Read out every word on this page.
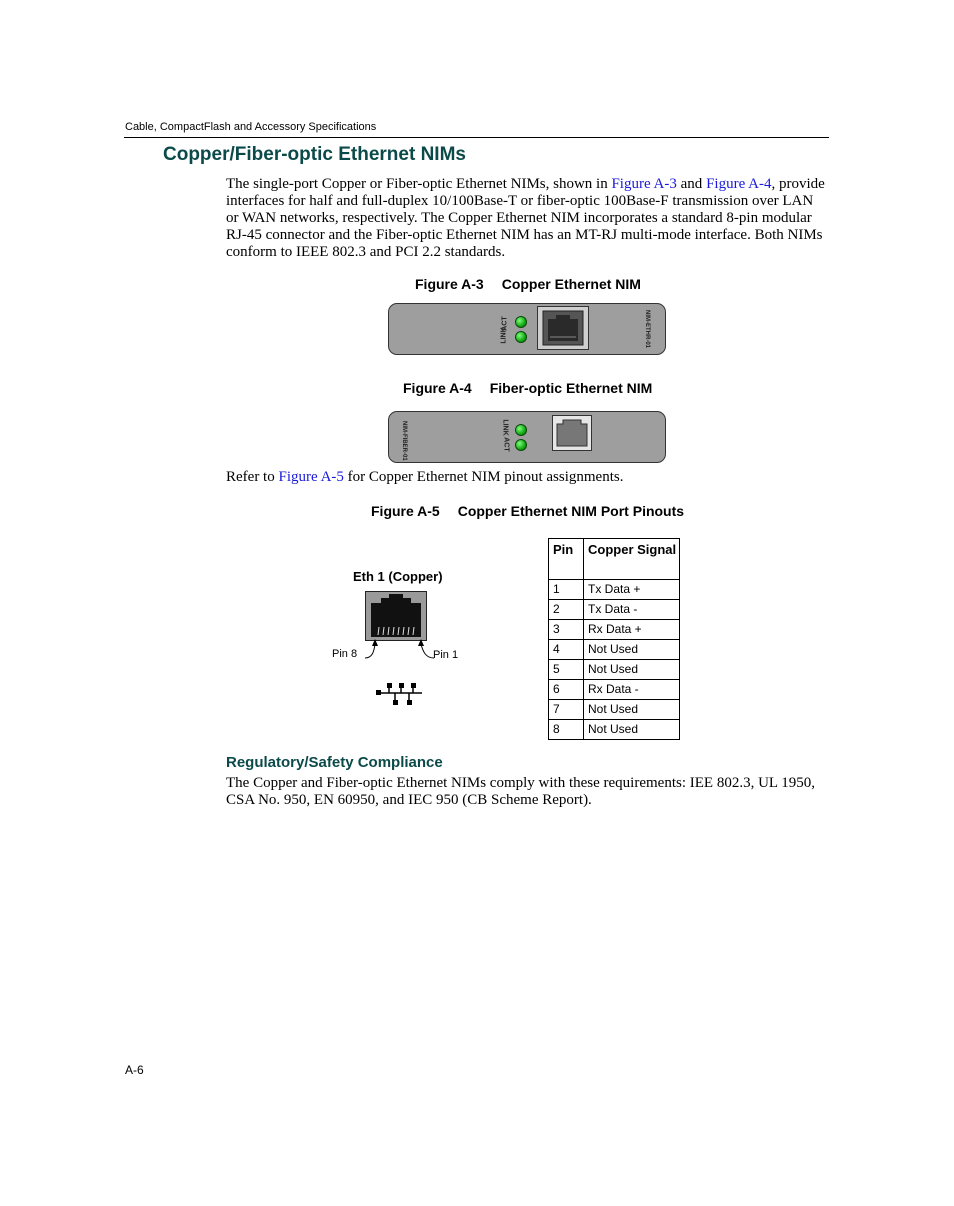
Cable, CompactFlash and Accessory Specifications
Copper/Fiber-optic Ethernet NIMs
The single-port Copper or Fiber-optic Ethernet NIMs, shown in Figure A-3 and Figure A-4, provide interfaces for half and full-duplex 10/100Base-T or fiber-optic 100Base-F transmission over LAN or WAN networks, respectively. The Copper Ethernet NIM incorporates a standard 8-pin modular RJ-45 connector and the Fiber-optic Ethernet NIM has an MT-RJ multi-mode interface. Both NIMs conform to IEEE 802.3 and PCI 2.2 standards.
Figure A-3 Copper Ethernet NIM
ACT
LINK	NIM-ETHR-01
Figure A-4 Fiber-optic Ethernet NIM
NIM-FIBER-01	LINK
ACT
Refer to Figure A-5 for Copper Ethernet NIM pinout assignments.
Figure A-5 Copper Ethernet NIM Port Pinouts
Eth 1 (Copper)
Pin 8	Pin 1
Pin	Copper Signal
1	Tx Data +
2	Tx Data -
3	Rx Data +
4	Not Used
5	Not Used
6	Rx Data -
7	Not Used
8	Not Used
Regulatory/Safety Compliance
The Copper and Fiber-optic Ethernet NIMs comply with these requirements: IEE 802.3, UL 1950, CSA No. 950, EN 60950, and IEC 950 (CB Scheme Report).
A-6
